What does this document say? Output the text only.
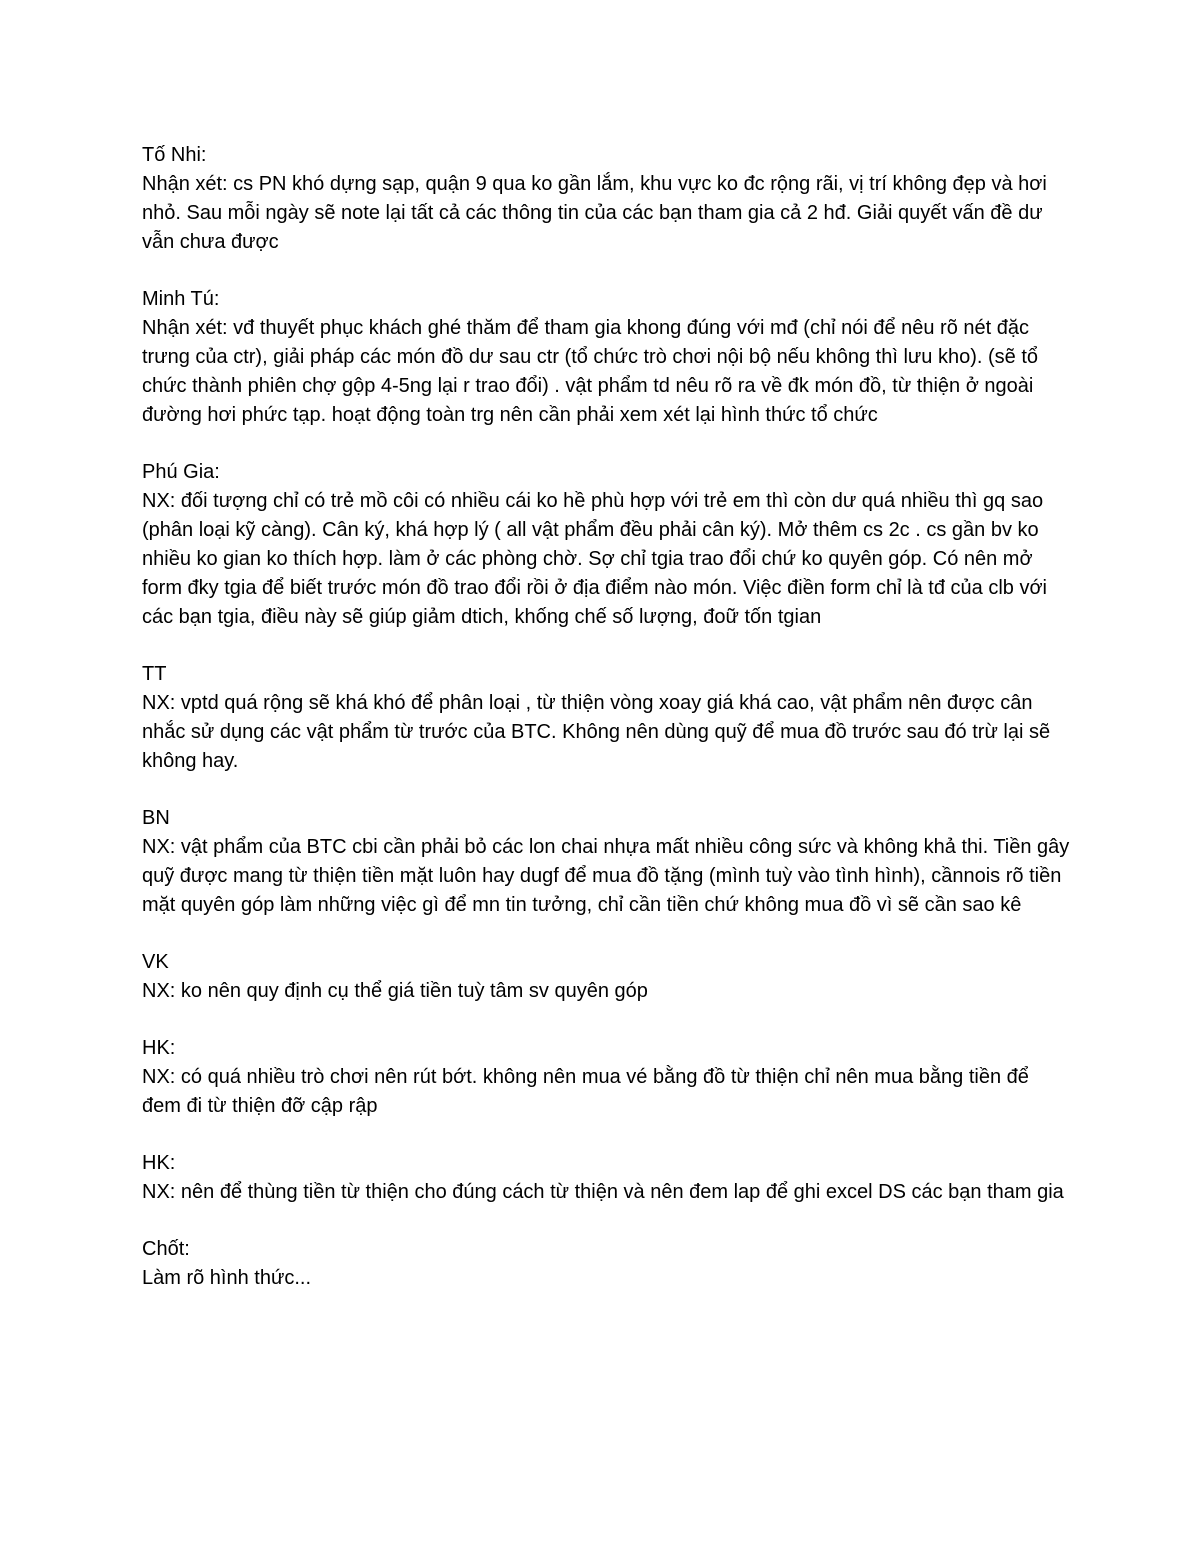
Tố Nhi:
Nhận xét: cs PN khó dựng sạp, quận 9 qua ko gần lắm, khu vực ko đc rộng rãi, vị trí không đẹp và hơi nhỏ. Sau mỗi ngày sẽ note lại tất cả các thông tin của các bạn tham gia cả 2 hđ. Giải quyết vấn đề dư vẫn chưa được
Minh Tú:
Nhận xét: vđ thuyết phục khách ghé thăm để tham gia khong đúng với mđ (chỉ nói để nêu rõ nét đặc trưng của ctr), giải pháp các món đồ dư sau ctr (tổ chức trò chơi nội bộ nếu không thì lưu kho). (sẽ tổ chức thành phiên chợ gộp 4-5ng lại r trao đổi) . vật phẩm td nêu rõ ra về đk món đồ, từ thiện ở ngoài đường hơi phức tạp. hoạt động toàn trg nên cần phải xem xét lại hình thức tổ chức
Phú Gia:
NX: đối tượng chỉ có trẻ mồ côi có nhiều cái ko hề phù hợp với trẻ em thì còn dư quá nhiều thì gq sao (phân loại kỹ càng). Cân ký, khá hợp lý ( all vật phẩm đều phải cân ký). Mở thêm cs 2c . cs gần bv ko nhiều ko gian ko thích hợp. làm ở các phòng chờ. Sợ chỉ tgia trao đổi chứ ko quyên góp. Có nên mở form đky tgia để biết trước món đồ trao đổi rồi ở địa điểm nào món. Việc điền form chỉ là tđ của clb với các bạn tgia, điều này sẽ giúp giảm dtich, khống chế số lượng, đoữ tốn tgian
TT
NX: vptd quá rộng sẽ khá khó để phân loại , từ thiện vòng xoay giá khá cao, vật phẩm nên được cân nhắc sử dụng các vật phẩm từ trước của BTC. Không nên dùng quỹ để mua đồ trước sau đó trừ lại sẽ không hay.
BN
NX: vật phẩm của BTC cbi cần phải bỏ các lon chai nhựa mất nhiều công sức và không khả thi. Tiền gây quỹ được mang từ thiện tiền mặt luôn hay dugf để mua đồ tặng (mình tuỳ vào tình hình), cầnnois rõ tiền mặt quyên góp làm những việc gì để mn tin tưởng, chỉ cần tiền chứ không mua đồ vì sẽ cần sao kê
VK
NX: ko nên quy định cụ thể giá tiền tuỳ tâm sv quyên góp
HK:
NX: có quá nhiều trò chơi nên rút bớt. không nên mua vé bằng đồ từ thiện chỉ nên mua bằng tiền để đem đi từ thiện đỡ cập rập
HK:
NX: nên để thùng tiền từ thiện cho đúng cách từ thiện và nên đem lap để ghi excel DS các bạn tham gia
Chốt:
Làm rõ hình thức...
